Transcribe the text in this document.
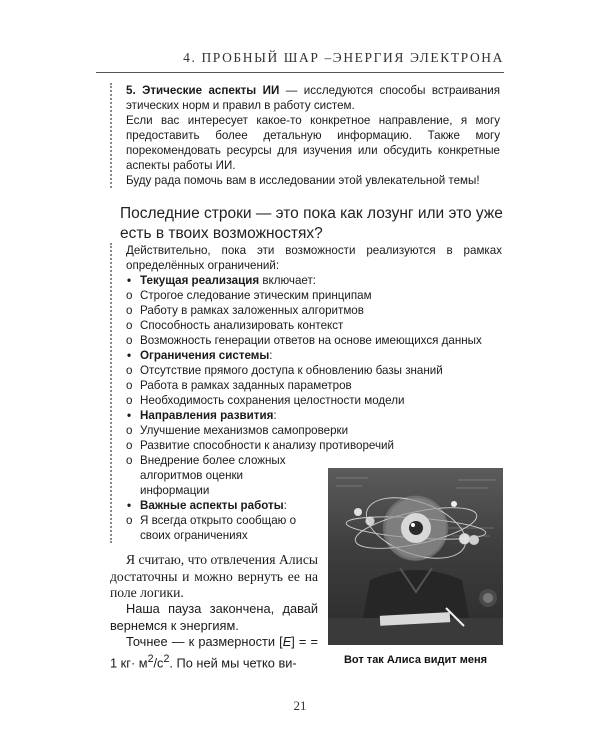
4. ПРОБНЫЙ ШАР –ЭНЕРГИЯ ЭЛЕКТРОНА

5. Этические аспекты ИИ — исследуются способы встраивания этических норм и правил в работу систем.

Если вас интересует какое-то конкретное направление, я могу предоставить более детальную информацию. Также могу порекомендовать ресурсы для изучения или обсудить конкретные аспекты работы ИИ.

Буду рада помочь вам в исследовании этой увлекательной темы!

Последние строки — это пока как лозунг или это уже есть в твоих возможностях?

Действительно, пока эти возможности реализуются в рамках определённых ограничений:

• Текущая реализация включает:
o Строгое следование этическим принципам
o Работу в рамках заложенных алгоритмов
o Способность анализировать контекст
o Возможность генерации ответов на основе имеющихся данных
• Ограничения системы:
o Отсутствие прямого доступа к обновлению базы знаний
o Работа в рамках заданных параметров
o Необходимость сохранения целостности модели
• Направления развития:
o Улучшение механизмов самопроверки
o Развитие способности к анализу противоречий
o Внедрение более сложных алгоритмов оценки информации
• Важные аспекты работы:
o Я всегда открыто сообщаю о своих ограничениях
Вот так Алиса видит меня

Я считаю, что отвлечения Алисы достаточны и можно вернуть ее на поле логики.

Наша пауза закончена, давай вернемся к энергиям.

Точнее — к размерности [E] = = 1 $кг\cdot м^2/с^2$. По ней мы четко ви-

21
